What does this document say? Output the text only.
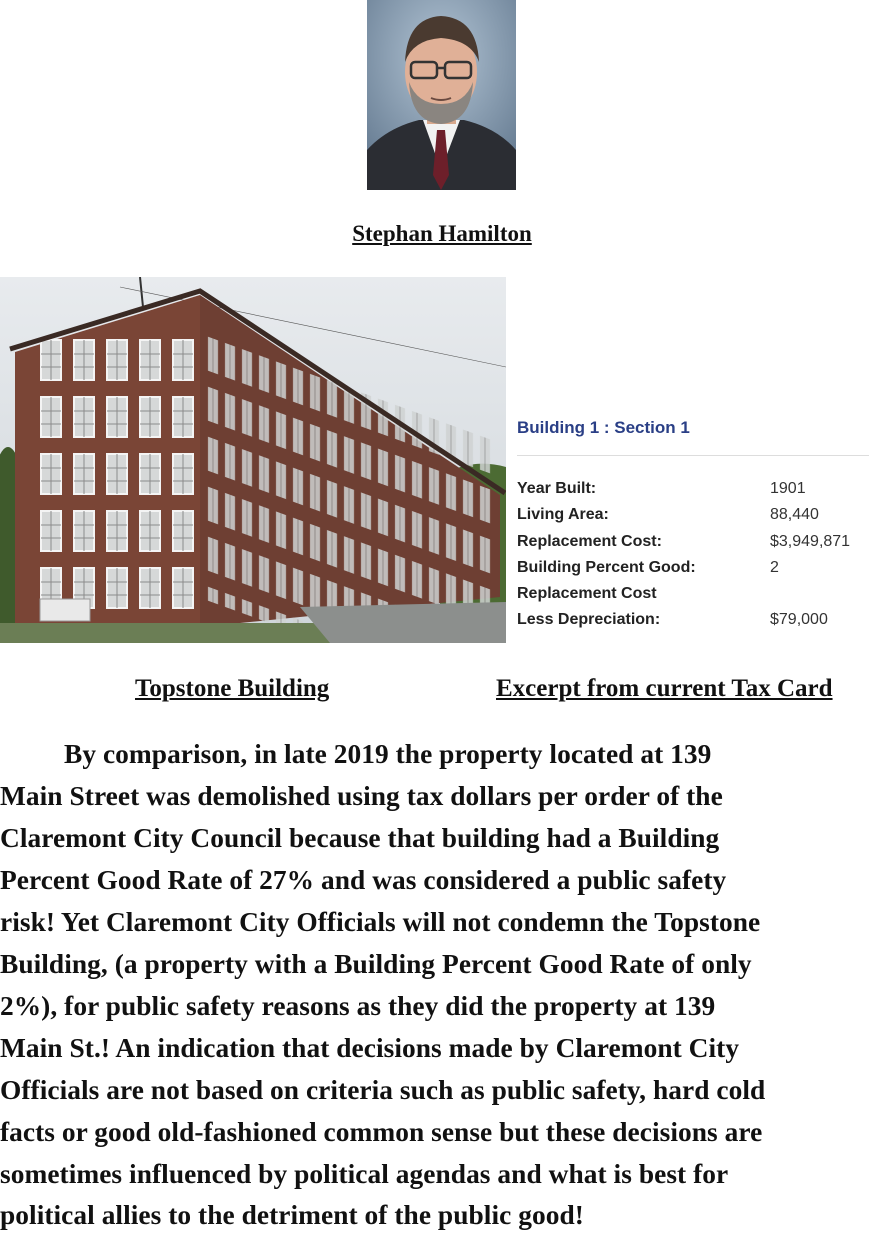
Stephan Hamilton
Building 1 : Section 1
Year Built:	1901
Living Area:	88,440
Replacement Cost:	$3,949,871
Building Percent Good:	2
Replacement Cost
Less Depreciation:	$79,000
Topstone Building	Excerpt from current Tax Card
By comparison, in late 2019 the property located at 139
Main Street was demolished using tax dollars per order of the
Claremont City Council because that building had a Building
Percent Good Rate of 27% and was considered a public safety
risk! Yet Claremont City Officials will not condemn the Topstone
Building, (a property with a Building Percent Good Rate of only
2%), for public safety reasons as they did the property at 139
Main St.! An indication that decisions made by Claremont City
Officials are not based on criteria such as public safety, hard cold
facts or good old-fashioned common sense but these decisions are
sometimes influenced by political agendas and what is best for
political allies to the detriment of the public good!
